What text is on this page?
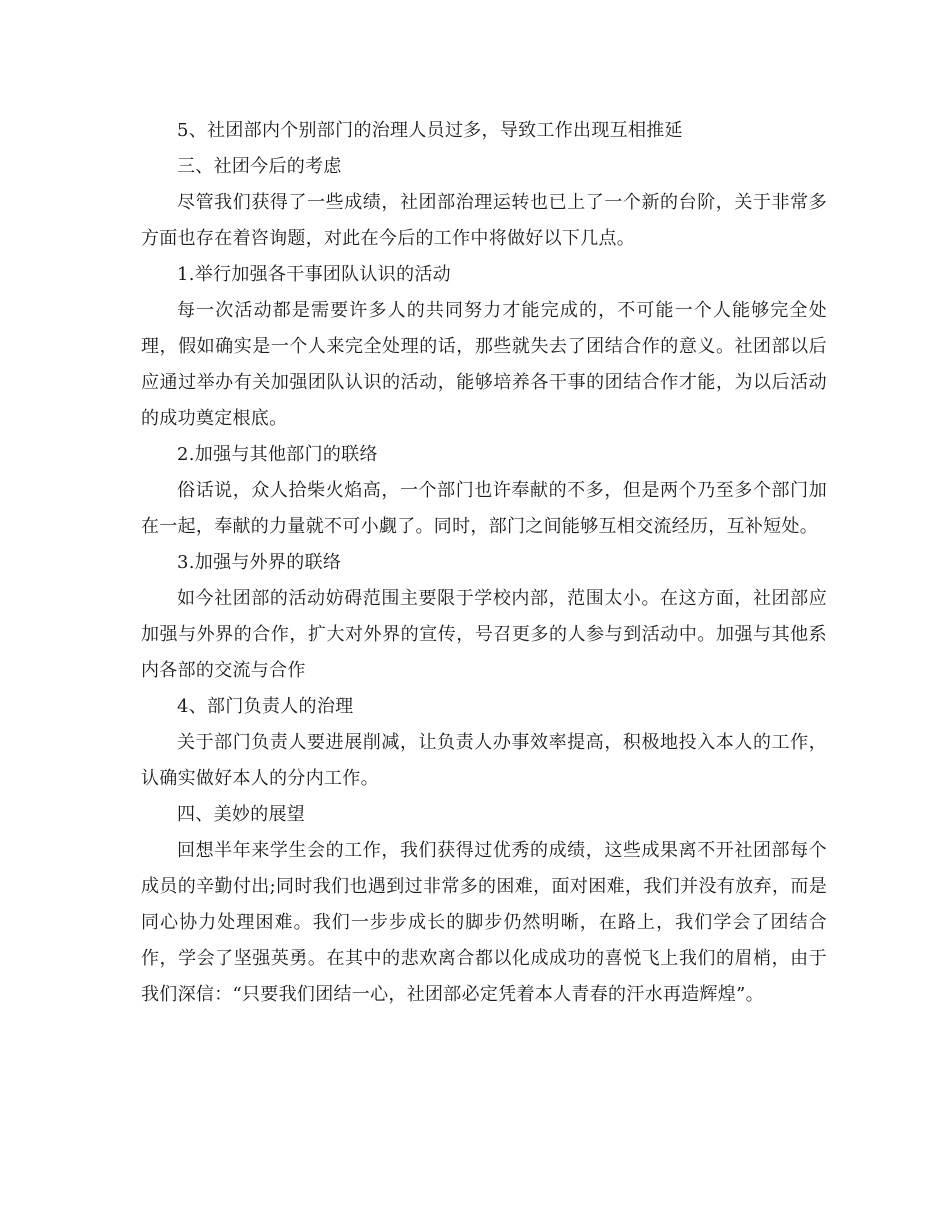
5、社团部内个别部门的治理人员过多，导致工作出现互相推延

三、社团今后的考虑

尽管我们获得了一些成绩，社团部治理运转也已上了一个新的台阶，关于非常多方面也存在着咨询题，对此在今后的工作中将做好以下几点。

1.举行加强各干事团队认识的活动

每一次活动都是需要许多人的共同努力才能完成的，不可能一个人能够完全处理，假如确实是一个人来完全处理的话，那些就失去了团结合作的意义。社团部以后应通过举办有关加强团队认识的活动，能够培养各干事的团结合作才能，为以后活动的成功奠定根底。

2.加强与其他部门的联络

俗话说，众人拾柴火焰高，一个部门也许奉献的不多，但是两个乃至多个部门加在一起，奉献的力量就不可小觑了。同时，部门之间能够互相交流经历，互补短处。

3.加强与外界的联络

如今社团部的活动妨碍范围主要限于学校内部，范围太小。在这方面，社团部应加强与外界的合作，扩大对外界的宣传，号召更多的人参与到活动中。加强与其他系内各部的交流与合作

4、部门负责人的治理

关于部门负责人要进展削减，让负责人办事效率提高，积极地投入本人的工作，认确实做好本人的分内工作。

四、美妙的展望

回想半年来学生会的工作，我们获得过优秀的成绩，这些成果离不开社团部每个成员的辛勤付出;同时我们也遇到过非常多的困难，面对困难，我们并没有放弃，而是同心协力处理困难。我们一步步成长的脚步仍然明晰，在路上，我们学会了团结合作，学会了坚强英勇。在其中的悲欢离合都以化成成功的喜悦飞上我们的眉梢，由于我们深信：“只要我们团结一心，社团部必定凭着本人青春的汗水再造辉煌”。
